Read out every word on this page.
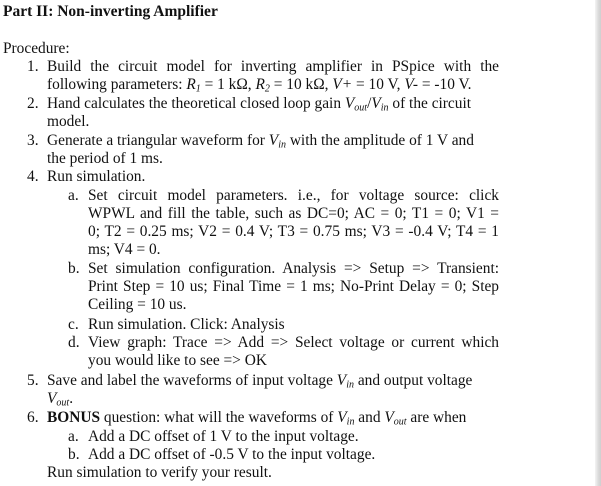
Part II: Non-inverting Amplifier
Procedure:
1. Build the circuit model for inverting amplifier in PSpice with the
following parameters: $R_1 = 1$ kΩ, $R_2 = 10$ kΩ, V+ = 10 V, V- = -10 V.
2. Hand calculates the theoretical closed loop gain $V_{out}/V_{in}$ of the circuit
model.
3. Generate a triangular waveform for $V_{in}$ with the amplitude of 1 V and
the period of 1 ms.
4. Run simulation.
a. Set circuit model parameters. i.e., for voltage source: click
WPWL and fill the table, such as DC=0; AC = 0; T1 = 0; V1 =
0; T2 = 0.25 ms; V2 = 0.4 V; T3 = 0.75 ms; V3 = -0.4 V; T4 = 1
ms; V4 = 0.
b. Set simulation configuration. Analysis => Setup => Transient:
Print Step = 10 us; Final Time = 1 ms; No-Print Delay = 0; Step
Ceiling = 10 us.
c. Run simulation. Click: Analysis
d. View graph: Trace => Add => Select voltage or current which
you would like to see => OK
5. Save and label the waveforms of input voltage $V_{in}$ and output voltage
$V_{out}$.
6. BONUS question: what will the waveforms of $V_{in}$ and $V_{out}$ are when
a. Add a DC offset of 1 V to the input voltage.
b. Add a DC offset of -0.5 V to the input voltage.
Run simulation to verify your result.
